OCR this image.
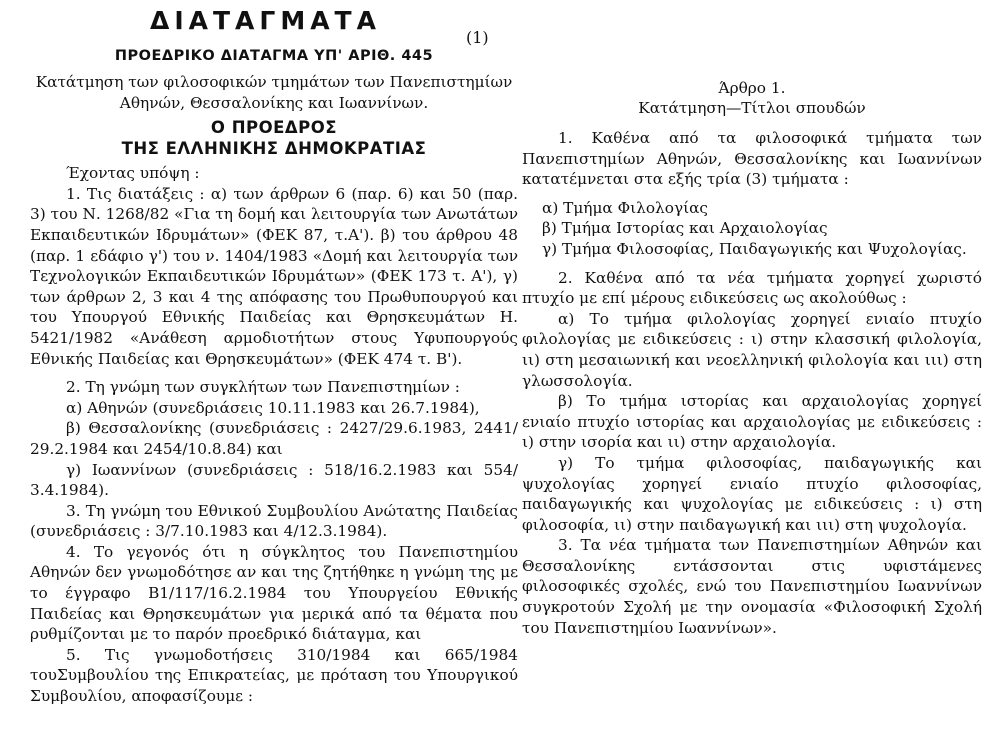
ΔΙΑΤΑΓΜΑΤΑ

ΠΡΟΕΔΡΙΚΟ ΔΙΑΤΑΓΜΑ ΥΠ' ΑΡΙΘ. 445

Κατάτμηση των φιλοσοφικών τμημάτων των Πανεπιστημίων Αθηνών, Θεσσαλονίκης και Ιωαννίνων.

Ο ΠΡΟΕΔΡΟΣ

ΤΗΣ ΕΛΛΗΝΙΚΗΣ ΔΗΜΟΚΡΑΤΙΑΣ

Έχοντας υπόψη :

1. Τις διατάξεις : α) των άρθρων 6 (παρ. 6) και 50 (παρ. 3) του Ν. 1268/82 «Για τη δομή και λειτουργία των Ανωτάτων Εκπαιδευτικών Ιδρυμάτων» (ΦΕΚ 87, τ.Α'). β) του άρθρου 48 (παρ. 1 εδάφιο γ') του ν. 1404/1983 «Δομή και λειτουργία των Τεχνολογικών Εκπαιδευτικών Ιδρυμάτων» (ΦΕΚ 173 τ. Α'), γ) των άρθρων 2, 3 και 4 της απόφασης του Πρωθυπουργού και του Υπουργού Εθνικής Παιδείας και Θρησκευμάτων Η. 5421/1982 «Ανάθεση αρμοδιοτήτων στους Υφυπουργούς Εθνικής Παιδείας και Θρησκευμάτων» (ΦΕΚ 474 τ. Β').

2. Τη γνώμη των συγκλήτων των Πανεπιστημίων :

α) Αθηνών (συνεδριάσεις 10.11.1983 και 26.7.1984),

β) Θεσσαλονίκης (συνεδριάσεις : 2427/29.6.1983, 2441/ 29.2.1984 και 2454/10.8.84) και

γ) Ιωαννίνων (συνεδριάσεις : 518/16.2.1983 και 554/ 3.4.1984).

3. Τη γνώμη του Εθνικού Συμβουλίου Ανώτατης Παιδείας (συνεδριάσεις : 3/7.10.1983 και 4/12.3.1984).

4. Το γεγονός ότι η σύγκλητος του Πανεπιστημίου Αθηνών δεν γνωμοδότησε αν και της ζητήθηκε η γνώμη της με το έγγραφο Β1/117/16.2.1984 του Υπουργείου Εθνικής Παιδείας και Θρησκευμάτων για μερικά από τα θέματα που ρυθμίζονται με το παρόν προεδρικό διάταγμα, και

5. Τις γνωμοδοτήσεις 310/1984 και 665/1984 τουΣυμβουλίου της Επικρατείας, με πρόταση του Υπουργικού Συμβουλίου, αποφασίζουμε :

(1)

Άρθρο 1.

Κατάτμηση—Τίτλοι σπουδών

1. Καθένα από τα φιλοσοφικά τμήματα των Πανεπιστημίων Αθηνών, Θεσσαλονίκης και Ιωαννίνων κατατέμνεται στα εξής τρία (3) τμήματα :

α) Τμήμα Φιλολογίας

β) Τμήμα Ιστορίας και Αρχαιολογίας

γ) Τμήμα Φιλοσοφίας, Παιδαγωγικής και Ψυχολογίας.

2. Καθένα από τα νέα τμήματα χορηγεί χωριστό πτυχίο με επί μέρους ειδικεύσεις ως ακολούθως :

α) Το τμήμα φιλολογίας χορηγεί ενιαίο πτυχίο φιλολογίας με ειδικεύσεις : ι) στην κλασσική φιλολογία, ιι) στη μεσαιωνική και νεοελληνική φιλολογία και ιιι) στη γλωσσολογία.

β) Το τμήμα ιστορίας και αρχαιολογίας χορηγεί ενιαίο πτυχίο ιστορίας και αρχαιολογίας με ειδικεύσεις : ι) στην ισορία και ιι) στην αρχαιολογία.

γ) Το τμήμα φιλοσοφίας, παιδαγωγικής και ψυχολογίας χορηγεί ενιαίο πτυχίο φιλοσοφίας, παιδαγωγικής και ψυχολογίας με ειδικεύσεις : ι) στη φιλοσοφία, ιι) στην παιδαγωγική και ιιι) στη ψυχολογία.

3. Τα νέα τμήματα των Πανεπιστημίων Αθηνών και Θεσσαλονίκης εντάσσονται στις υφιστάμενες φιλοσοφικές σχολές, ενώ του Πανεπιστημίου Ιωαννίνων συγκροτούν Σχολή με την ονομασία «Φιλοσοφική Σχολή του Πανεπιστημίου Ιωαννίνων».
